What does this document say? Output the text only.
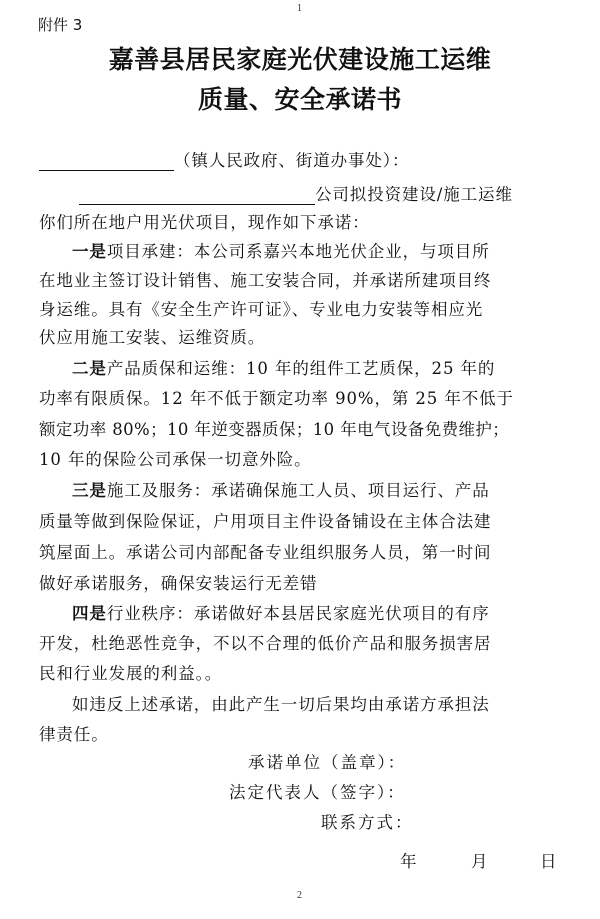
1
2
附件 3
嘉善县居民家庭光伏建设施工运维
质量、安全承诺书
（镇人民政府、街道办事处）：
公司拟投资建设/施工运维
你们所在地户用光伏项目，现作如下承诺：
一是项目承建：本公司系嘉兴本地光伏企业，与项目所
在地业主签订设计销售、施工安装合同，并承诺所建项目终
身运维。具有《安全生产许可证》、专业电力安装等相应光
伏应用施工安装、运维资质。
二是产品质保和运维：10 年的组件工艺质保，25 年的
功率有限质保。12 年不低于额定功率 90%，第 25 年不低于
额定功率 80%；10 年逆变器质保；10 年电气设备免费维护；
10 年的保险公司承保一切意外险。
三是施工及服务：承诺确保施工人员、项目运行、产品
质量等做到保险保证，户用项目主件设备铺设在主体合法建
筑屋面上。承诺公司内部配备专业组织服务人员，第一时间
做好承诺服务，确保安装运行无差错
四是行业秩序：承诺做好本县居民家庭光伏项目的有序
开发，杜绝恶性竞争，不以不合理的低价产品和服务损害居
民和行业发展的利益。。
如违反上述承诺，由此产生一切后果均由承诺方承担法
律责任。
承诺单位（盖章）：
法定代表人（签字）：
联系方式：
年	月	日
